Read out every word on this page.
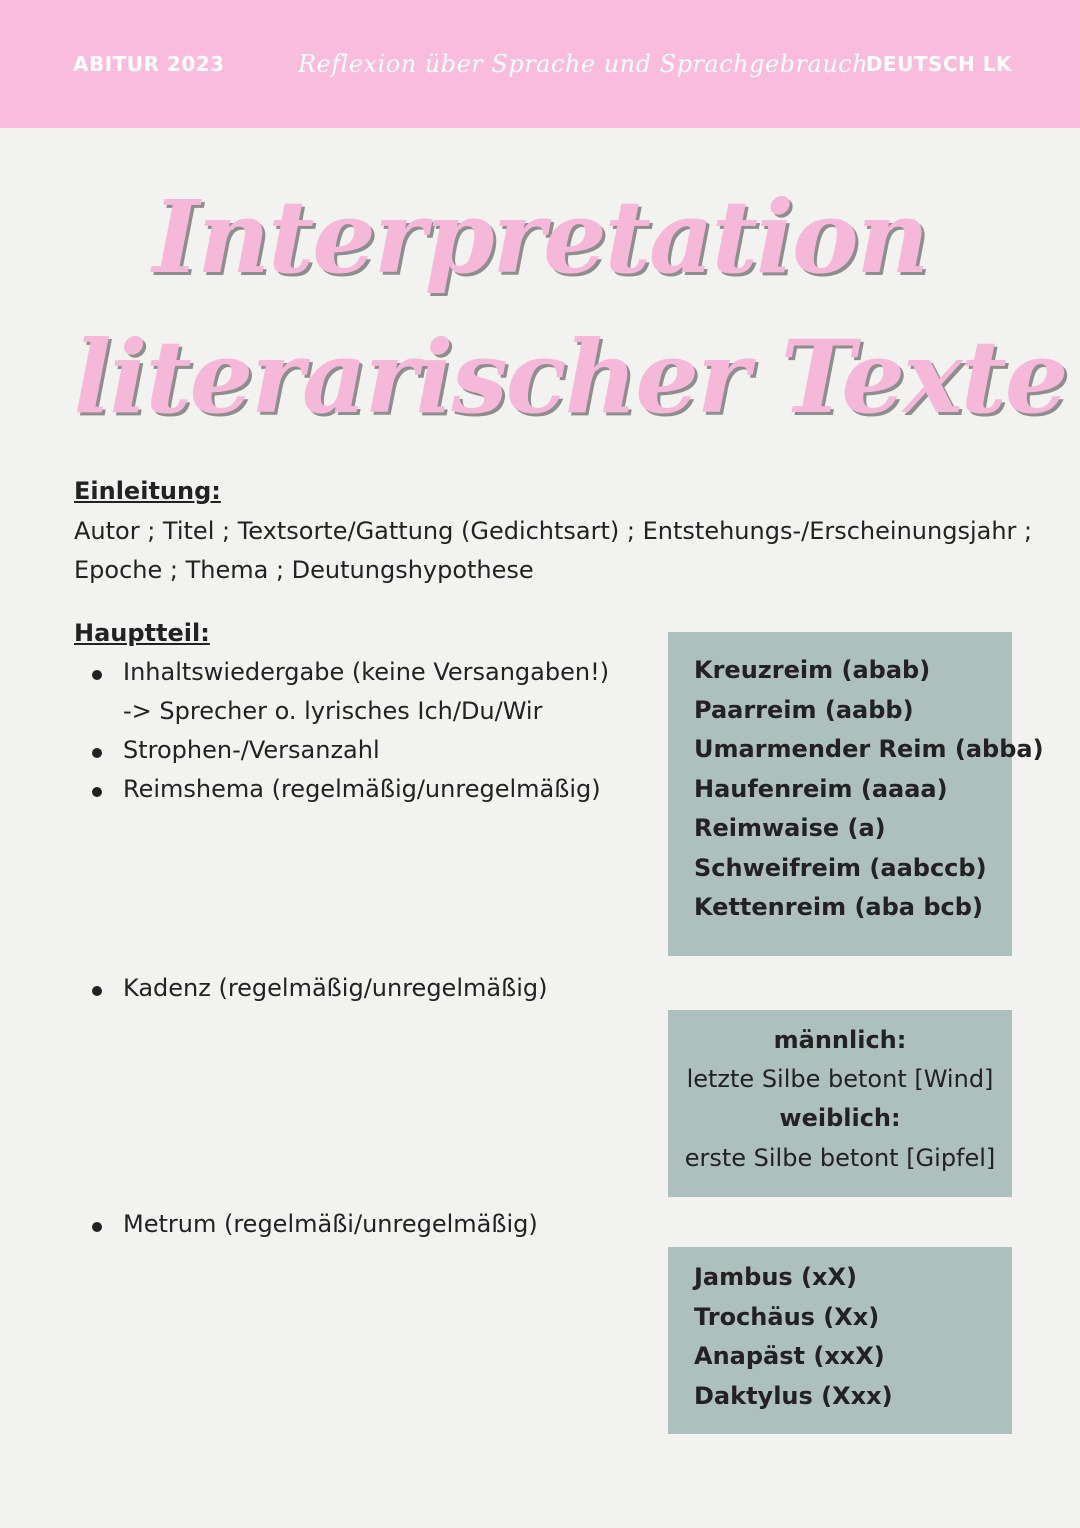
ABITUR 2023	Reflexion über Sprache und Sprachgebrauch
DEUTSCH LK
Interpretation
literarischer Texte
Einleitung:
Autor ; Titel ; Textsorte/Gattung (Gedichtsart) ; Entstehungs-/Erscheinungsjahr ;
Epoche ; Thema ; Deutungshypothese
Hauptteil:
Inhaltswiedergabe (keine Versangaben!)
-> Sprecher o. lyrisches Ich/Du/Wir
Strophen-/Versanzahl
Reimshema (regelmäßig/unregelmäßig)
Kadenz (regelmäßig/unregelmäßig)
Metrum (regelmäßi/unregelmäßig)
Kreuzreim (abab)
Paarreim (aabb)
Umarmender Reim (abba)
Haufenreim (aaaa)
Reimwaise (a)
Schweifreim (aabccb)
Kettenreim (aba bcb)
männlich:
letzte Silbe betont [Wind]
weiblich:
erste Silbe betont [Gipfel]
Jambus (xX)
Trochäus (Xx)
Anapäst (xxX)
Daktylus (Xxx)
